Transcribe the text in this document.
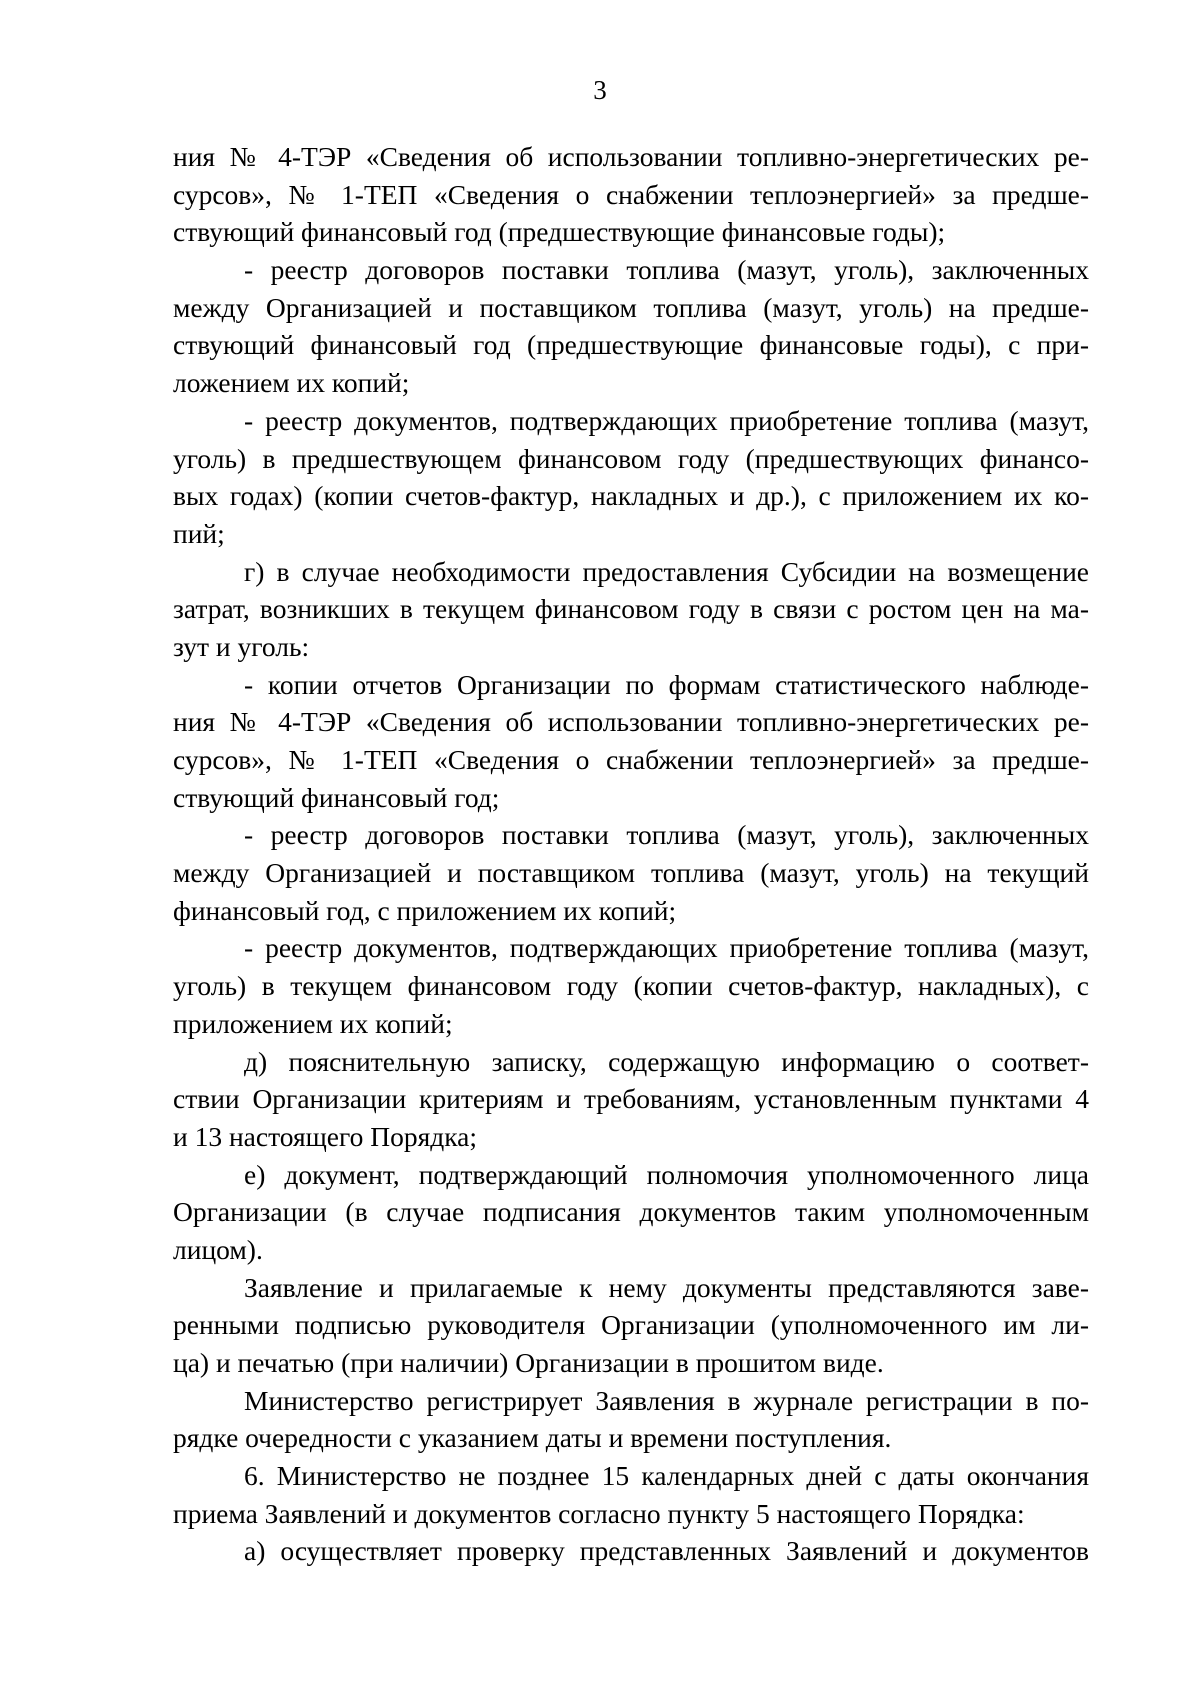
3
ния № 4-ТЭР «Сведения об использовании топливно-энергетических ре-
сурсов», № 1-ТЕП «Сведения о снабжении теплоэнергией» за предше-
ствующий финансовый год (предшествующие финансовые годы);
- реестр договоров поставки топлива (мазут, уголь), заключенных
между Организацией и поставщиком топлива (мазут, уголь) на предше-
ствующий финансовый год (предшествующие финансовые годы), с при-
ложением их копий;
- реестр документов, подтверждающих приобретение топлива (мазут,
уголь) в предшествующем финансовом году (предшествующих финансо-
вых годах) (копии счетов-фактур, накладных и др.), с приложением их ко-
пий;
г) в случае необходимости предоставления Субсидии на возмещение
затрат, возникших в текущем финансовом году в связи с ростом цен на ма-
зут и уголь:
- копии отчетов Организации по формам статистического наблюде-
ния № 4-ТЭР «Сведения об использовании топливно-энергетических ре-
сурсов», № 1-ТЕП «Сведения о снабжении теплоэнергией» за предше-
ствующий финансовый год;
- реестр договоров поставки топлива (мазут, уголь), заключенных
между Организацией и поставщиком топлива (мазут, уголь) на текущий
финансовый год, с приложением их копий;
- реестр документов, подтверждающих приобретение топлива (мазут,
уголь) в текущем финансовом году (копии счетов-фактур, накладных), с
приложением их копий;
д) пояснительную записку, содержащую информацию о соответ-
ствии Организации критериям и требованиям, установленным пунктами 4
и 13 настоящего Порядка;
е) документ, подтверждающий полномочия уполномоченного лица
Организации (в случае подписания документов таким уполномоченным
лицом).
Заявление и прилагаемые к нему документы представляются заве-
ренными подписью руководителя Организации (уполномоченного им ли-
ца) и печатью (при наличии) Организации в прошитом виде.
Министерство регистрирует Заявления в журнале регистрации в по-
рядке очередности с указанием даты и времени поступления.
6. Министерство не позднее 15 календарных дней с даты окончания
приема Заявлений и документов согласно пункту 5 настоящего Порядка:
а) осуществляет проверку представленных Заявлений и документов
